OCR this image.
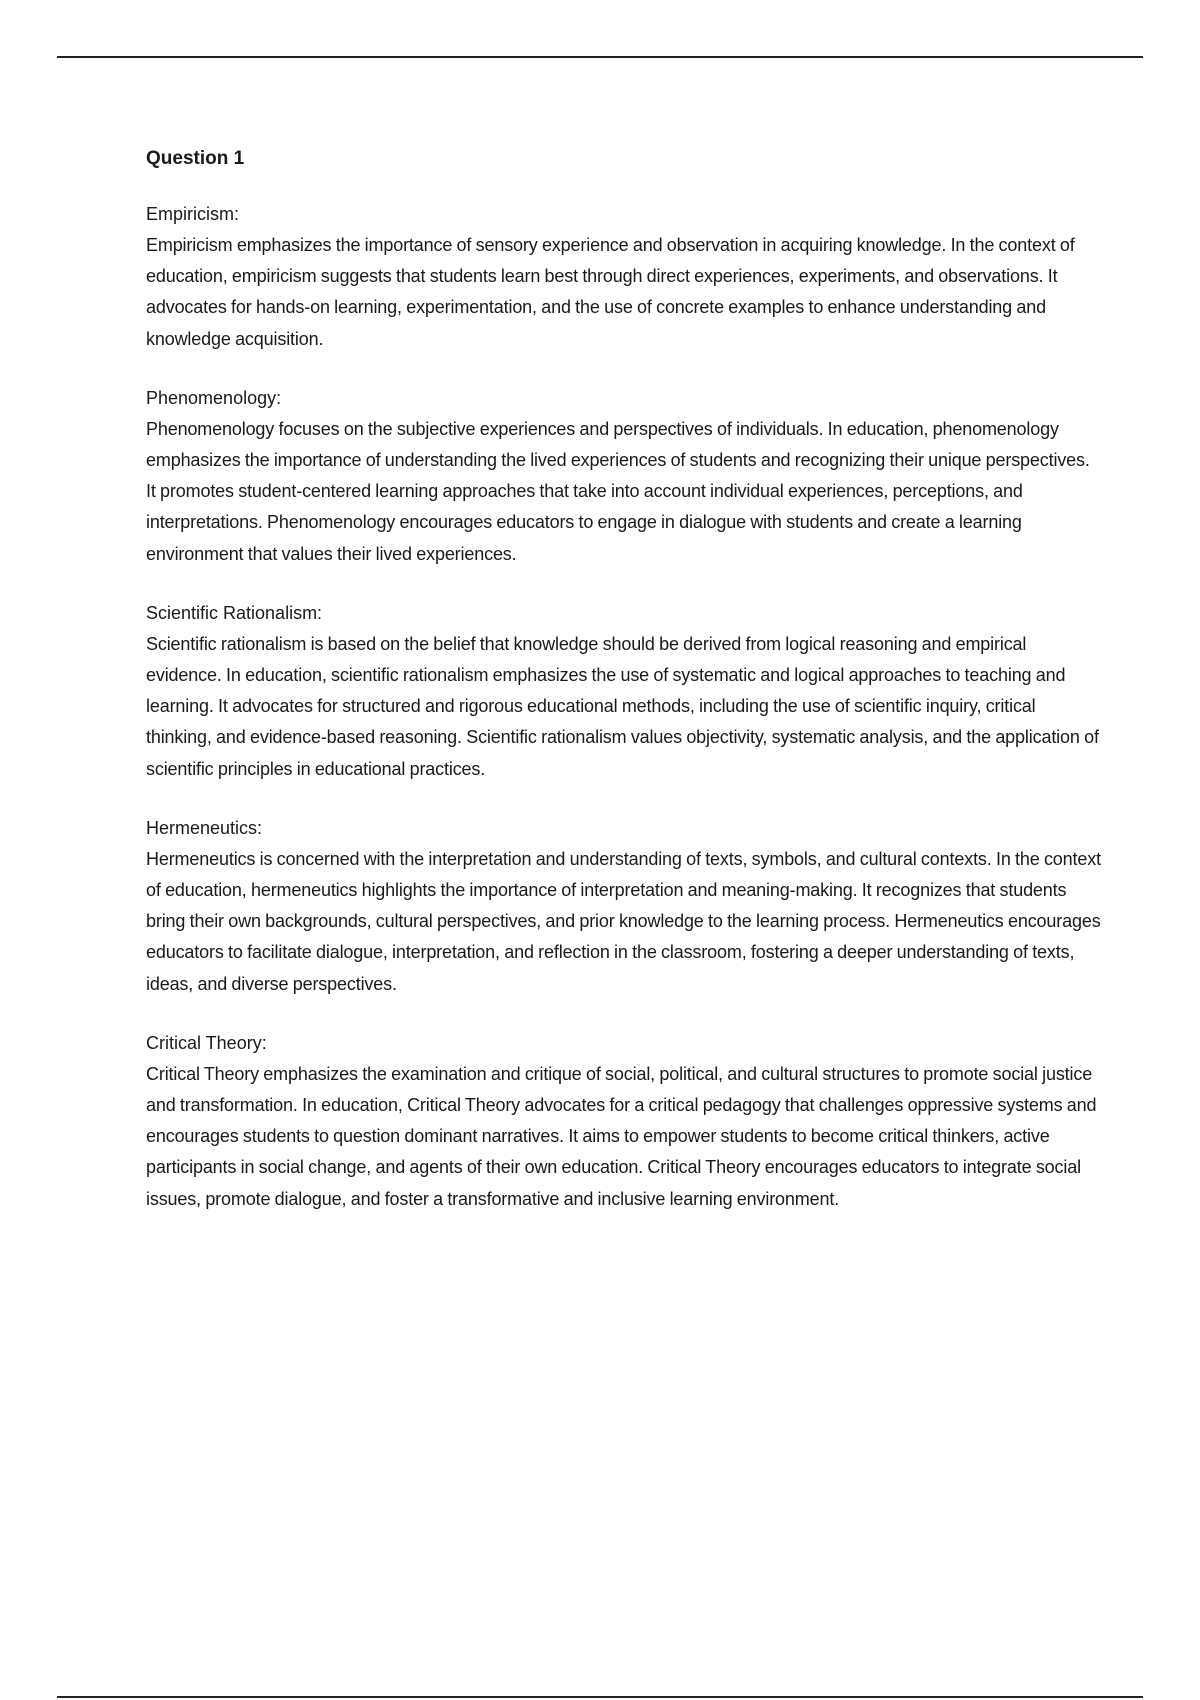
Question 1

Empiricism:

Empiricism emphasizes the importance of sensory experience and observation in acquiring knowledge. In the context of education, empiricism suggests that students learn best through direct experiences, experiments, and observations. It advocates for hands-on learning, experimentation, and the use of concrete examples to enhance understanding and knowledge acquisition.

Phenomenology:

Phenomenology focuses on the subjective experiences and perspectives of individuals. In education, phenomenology emphasizes the importance of understanding the lived experiences of students and recognizing their unique perspectives. It promotes student-centered learning approaches that take into account individual experiences, perceptions, and interpretations. Phenomenology encourages educators to engage in dialogue with students and create a learning environment that values their lived experiences.

Scientific Rationalism:

Scientific rationalism is based on the belief that knowledge should be derived from logical reasoning and empirical evidence. In education, scientific rationalism emphasizes the use of systematic and logical approaches to teaching and learning. It advocates for structured and rigorous educational methods, including the use of scientific inquiry, critical thinking, and evidence-based reasoning. Scientific rationalism values objectivity, systematic analysis, and the application of scientific principles in educational practices.

Hermeneutics:

Hermeneutics is concerned with the interpretation and understanding of texts, symbols, and cultural contexts. In the context of education, hermeneutics highlights the importance of interpretation and meaning-making. It recognizes that students bring their own backgrounds, cultural perspectives, and prior knowledge to the learning process. Hermeneutics encourages educators to facilitate dialogue, interpretation, and reflection in the classroom, fostering a deeper understanding of texts, ideas, and diverse perspectives.

Critical Theory:

Critical Theory emphasizes the examination and critique of social, political, and cultural structures to promote social justice and transformation. In education, Critical Theory advocates for a critical pedagogy that challenges oppressive systems and encourages students to question dominant narratives. It aims to empower students to become critical thinkers, active participants in social change, and agents of their own education. Critical Theory encourages educators to integrate social issues, promote dialogue, and foster a transformative and inclusive learning environment.
